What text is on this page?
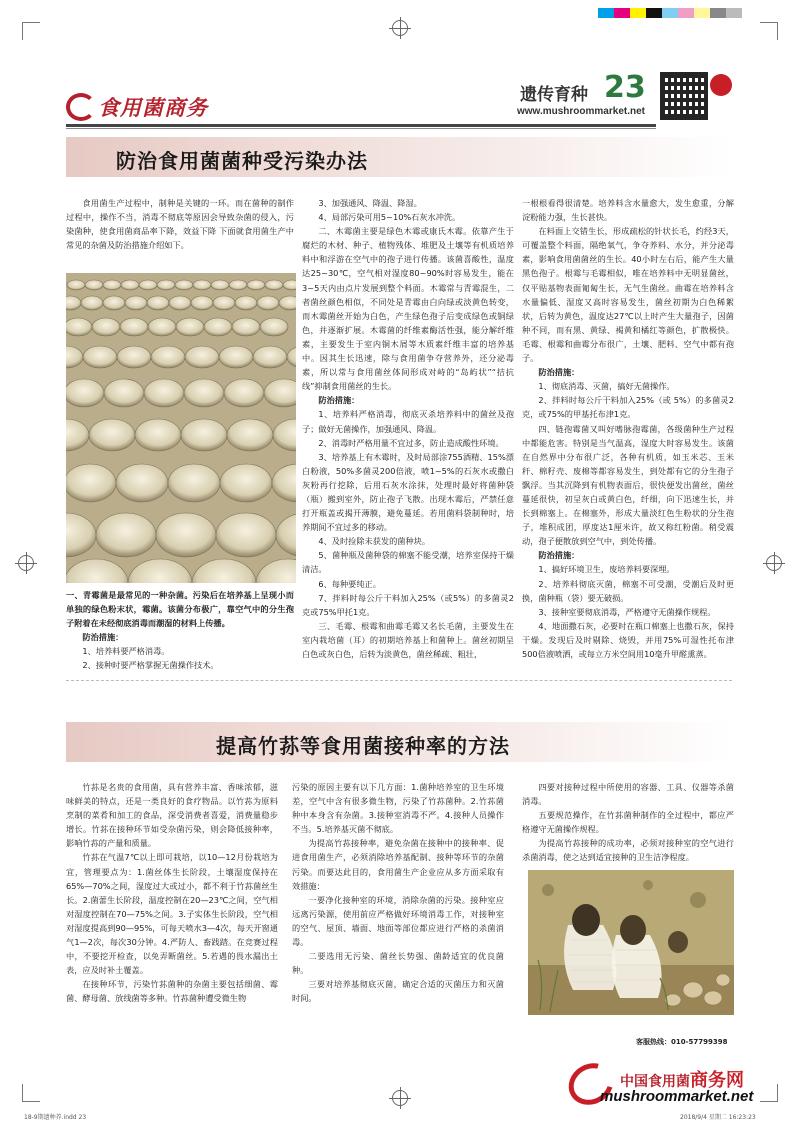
食用菌商务	遗传育种 23
www.mushroommarket.net
防治食用菌菌种受污染办法

食用菌生产过程中，制种是关键的一环。而在菌种的制作过程中，操作不当，消毒不彻底等原因会导致杂菌的侵入，污染菌种，使食用菌商品率下降，效益下降 下面就食用菌生产中常见的杂菌及防治措施介绍如下。

一、青霉菌是最常见的一种杂菌。污染后在培养基上呈现小而单独的绿色粉末状，霉菌。该菌分布极广，靠空气中的分生孢子附着在未经彻底消毒而潮湿的材料上传播。

防治措施：

1、培养料要严格消毒。

2、接种时要严格掌握无菌操作技术。

3、加强通风、降温、降湿。

4、局部污染可用5~10%石灰水冲洗。

二、木霉菌主要是绿色木霉或康氏木霉。依靠产生于腐烂的木材、种子、植物残体、堆肥及土壤等有机质培养料中和浮游在空气中的孢子进行传播。该菌喜酸性，温度达25~30℃，空气相对湿度80~90%时容易发生，能在3~5天内由点片发展到整个料面。木霉常与青霉混生，二者菌丝颜色相似，不同处是青霉由白向绿或淡黄色转变，而木霉菌丝开始为白色，产生绿色孢子后变成绿色或铜绿色，并逐渐扩展。木霉菌的纤维素酶活性强，能分解纤维素，主要发生于室内铜木屑等木质素纤维丰富的培养基中。因其生长迅速，除与食用菌争夺营养外，还分泌毒素，所以常与食用菌丝体间形成对峙的“岛屿状”“拮抗线”抑制食用菌丝的生长。

防治措施：

1、培养料严格消毒，彻底灭杀培养料中的菌丝及孢子；做好无菌操作，加强通风、降温。

2、消毒时严格用量不宜过多，防止造成酸性环境。

3、培养基上有木霉时，及时局部涂755酒精、15%漂白粉液，50%多菌灵200倍液，喷1~5%的石灰水或撒白灰粉再行挖除，后用石灰水涂抹，处理时最好将菌种袋（瓶）搬到室外，防止孢子飞散。出现木霉后，严禁任意打开瓶盖或揭开薄膜，避免蔓延。若用菌料袋制种时，培养期间不宜过多的移动。

4、及时捡除未获发的菌种块。

5、菌种瓶及菌种袋的棉塞不能受潮，培养室保持干燥清洁。

6、每种要纯正。

7、拌料时每公斤干料加入25%（或5%）的多菌灵2克或75%甲托1克。

三、毛霉、根霉和曲霉毛霉又名长毛菌，主要发生在室内栽培菌（耳）的初期培养基上和菌种上。菌丝初期呈白色或灰白色，后转为淡黄色，菌丝稀疏、粗壮，

一根根看得很清楚。培养料含水量愈大，发生愈重，分解淀粉能力强，生长甚快。

在料面上交错生长，形成疏松的针状长毛，约经3天，可覆盖整个料面，隔绝氧气，争夺养料、水分，并分泌毒素，影响食用菌菌丝的生长。40小时左右后，能产生大量黑色孢子。根霉与毛霉相似，唯在培养料中无明显菌丝，仅平贴基物表面匍匐生长，无气生菌丝。曲霉在培养料含水量偏低、湿度又高时容易发生，菌丝初期为白色稀絮状，后转为黄色，温度达27℃以上时产生大量孢子，因菌种不同，而有黑、黄绿、褐黄和橘红等颜色，扩散极快。毛霉、根霉和曲霉分布很广，土壤、肥料、空气中都有孢子。

防治措施：

1、彻底消毒、灭菌，搞好无菌操作。

2、拌料时每公斤干料加入25%（或 5%）的多菌灵2克，或75%的甲基托布津1克。

四、链孢霉菌又叫好嗜脉孢霉菌，各级菌种生产过程中都能危害。特别是当气温高，湿度大时容易发生。该菌在自然界中分布很广泛，各种有机质，如玉米芯、玉米秆、棉籽壳、废棉等都容易发生，到处都有它的分生孢子飘浮。当其沉降到有机物表面后，很快便发出菌丝，菌丝蔓延很快，初呈灰白或黄白色，纤细，向下迅速生长，并长到棉塞上。在棉塞外，形成大量淡红色生粉状的分生孢子，堆积成团，厚度达1厘米许，故又称红粉菌。稍受震动，孢子便散放到空气中，到处传播。

防治措施：

1、搞好环境卫生，废培养料要深埋。

2、培养料彻底灭菌，棉塞不可受潮，受潮后及时更换，菌种瓶（袋）要无破损。

3、接种室要彻底消毒，严格遵守无菌操作规程。

4、地面撒石灰，必要时在瓶口棉塞上也撒石灰，保持干燥。发现后及时剔除、烧毁，并用75%可湿性托布津500倍液喷洒，或每立方米空间用10毫升甲醛熏蒸。

提高竹荪等食用菌接种率的方法

竹荪是名贵的食用菌，具有营养丰富、香味浓郁，滋味鲜美的特点，还是一类良好的食疗物品。以竹荪为原料烹制的菜肴和加工的食品，深受消费者喜爱，消费量稳步增长。竹荪在接种环节如受杂菌污染，则会降低接种率，影响竹荪的产量和质量。

竹荪在气温7℃以上即可栽培，以10—12月份栽培为宜，管理要点为：1.菌丝体生长阶段，土壤湿度保持在65%—70%之间，湿度过大或过小，都不利于竹荪菌丝生长。2.菌蕾生长阶段，温度控制在20—23℃之间，空气相对湿度控制在70—75%之间。3.子实体生长阶段，空气相对湿度提高到90—95%，可每天喷水3—4次，每天开窗通气1—2次，每次30分钟。4.严防人、畜践踏。在竞赛过程中，不要挖开检查，以免弄断菌丝。5.若遇的畏水漏出土表，应及时补土覆盖。

在接种环节，污染竹荪菌种的杂菌主要包括细菌、霉菌、酵母菌、放线菌等多种。竹荪菌种遭受微生物

污染的原因主要有以下几方面：1.菌种培养室的卫生环境差，空气中含有很多微生物，污染了竹荪菌种。2.竹荪菌种中本身含有杂菌。3.接种室消毒不严。4.接种人员操作不当。5.培养基灭菌不彻底。

为提高竹荪接种率，避免杂菌在接种中的接种率、促进食用菌生产，必须消除培养基配制、接种等环节的杂菌污染。而要达此目的，食用菌生产企业应从多方面采取有效措施：

一要净化接种室的环境，消除杂菌的污染。接种室应远离污染源，使用前应严格做好环境消毒工作，对接种室的空气、屋顶、墙面、地面等部位都应进行严格的杀菌消毒。

二要选用无污染、菌丝长势强、菌龄适宜的优良菌种。

三要对培养基彻底灭菌，确定合适的灭菌压力和灭菌时间。

四要对接种过程中所使用的容器、工具、仪器等杀菌消毒。

五要规范操作，在竹荪菌种制作的全过程中，都应严格遵守无菌操作规程。

为提高竹荪接种的成功率，必须对接种室的空气进行杀菌消毒，使之达到适宜接种的卫生洁净程度。

客服热线：010-57799398
中国食用菌商务网
mushroommarket.net
18-9期遗种养.indd 23	2018/9/4 星期二 16:23:23
